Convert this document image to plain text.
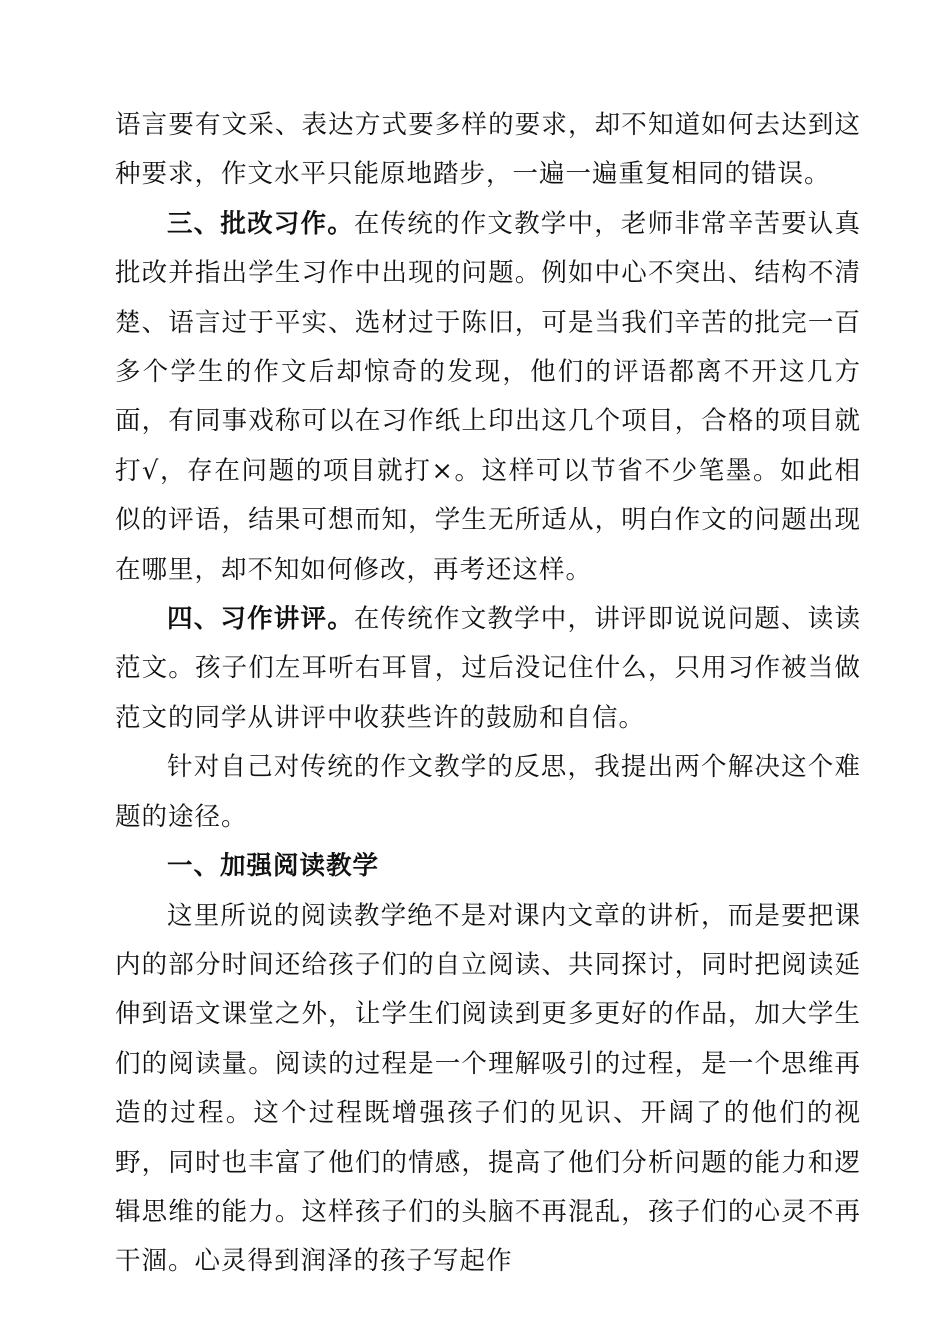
语言要有文采、表达方式要多样的要求，却不知道如何去达到这种要求，作文水平只能原地踏步，一遍一遍重复相同的错误。

三、批改习作。在传统的作文教学中，老师非常辛苦要认真批改并指出学生习作中出现的问题。例如中心不突出、结构不清楚、语言过于平实、选材过于陈旧，可是当我们辛苦的批完一百多个学生的作文后却惊奇的发现，他们的评语都离不开这几方面，有同事戏称可以在习作纸上印出这几个项目，合格的项目就打√，存在问题的项目就打×。这样可以节省不少笔墨。如此相似的评语，结果可想而知，学生无所适从，明白作文的问题出现在哪里，却不知如何修改，再考还这样。

四、习作讲评。在传统作文教学中，讲评即说说问题、读读范文。孩子们左耳听右耳冒，过后没记住什么，只用习作被当做范文的同学从讲评中收获些许的鼓励和自信。

针对自己对传统的作文教学的反思，我提出两个解决这个难题的途径。

一、加强阅读教学

这里所说的阅读教学绝不是对课内文章的讲析，而是要把课内的部分时间还给孩子们的自立阅读、共同探讨，同时把阅读延伸到语文课堂之外，让学生们阅读到更多更好的作品，加大学生们的阅读量。阅读的过程是一个理解吸引的过程，是一个思维再造的过程。这个过程既增强孩子们的见识、开阔了的他们的视野，同时也丰富了他们的情感，提高了他们分析问题的能力和逻辑思维的能力。这样孩子们的头脑不再混乱，孩子们的心灵不再干涸。心灵得到润泽的孩子写起作
